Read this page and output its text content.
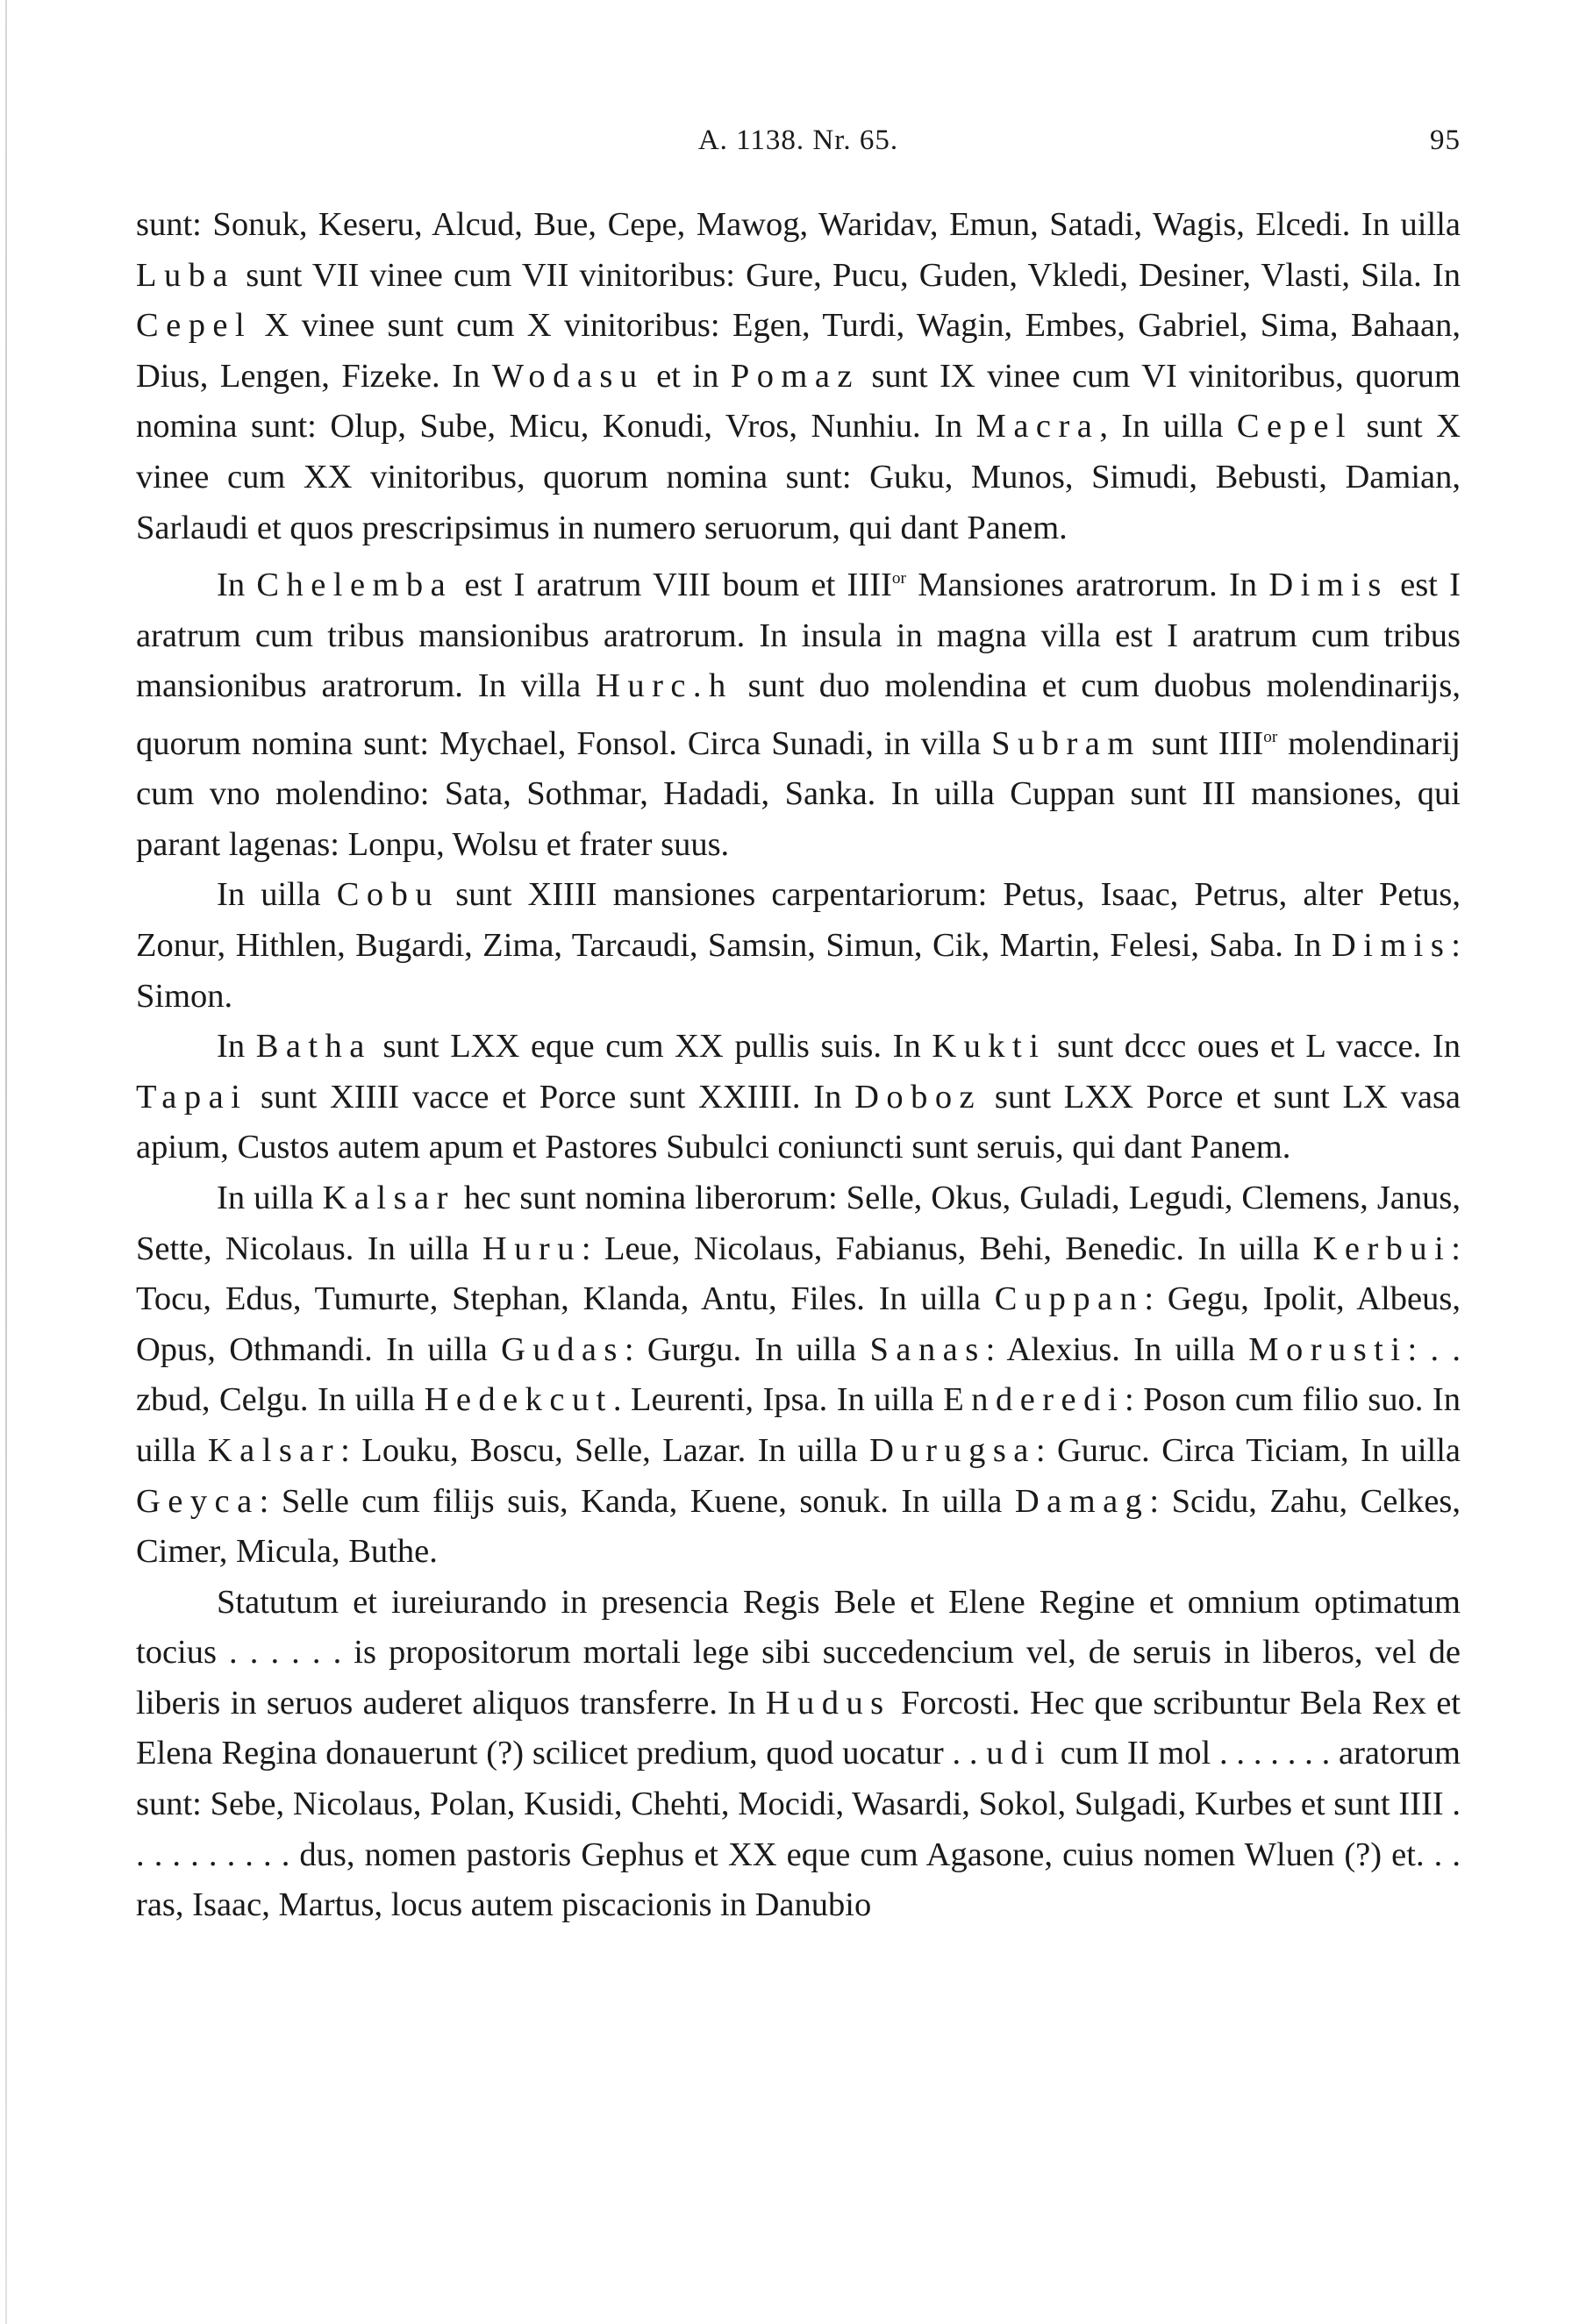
A. 1138. Nr. 65.	95

sunt: Sonuk, Keseru, Alcud, Bue, Cepe, Mawog, Waridav, Emun, Satadi, Wagis, Elcedi. In uilla Luba sunt VII vinee cum VII vinitoribus: Gure, Pucu, Guden, Vkledi, Desiner, Vlasti, Sila. In Cepel X vinee sunt cum X vinitoribus: Egen, Turdi, Wagin, Embes, Gabriel, Sima, Bahaan, Dius, Lengen, Fizeke. In Wodasu et in Pomaz sunt IX vinee cum VI vinitoribus, quorum nomina sunt: Olup, Sube, Micu, Konudi, Vros, Nunhiu. In Macra, In uilla Cepel sunt X vinee cum XX vinitoribus, quorum nomina sunt: Guku, Munos, Simudi, Bebusti, Damian, Sarlaudi et quos prescripsimus in numero seruorum, qui dant Panem.

In Chelemba est I aratrum VIII boum et $IIII^{or}$ Mansiones aratrorum. In Dimis est I aratrum cum tribus mansionibus aratrorum. In insula in magna villa est I aratrum cum tribus mansionibus aratrorum. In villa Hurc.h sunt duo molendina et cum duobus molendinarijs, quorum nomina sunt: Mychael, Fonsol. Circa Sunadi, in villa Subram sunt $IIII^{or}$ molendinarij cum vno molendino: Sata, Sothmar, Hadadi, Sanka. In uilla Cuppan sunt III mansiones, qui parant lagenas: Lonpu, Wolsu et frater suus.

In uilla Cobu sunt XIIII mansiones carpentariorum: Petus, Isaac, Petrus, alter Petus, Zonur, Hithlen, Bugardi, Zima, Tarcaudi, Samsin, Simun, Cik, Martin, Felesi, Saba. In Dimis: Simon.

In Batha sunt LXX eque cum XX pullis suis. In Kukti sunt dccc oues et L vacce. In Tapai sunt XIIII vacce et Porce sunt XXIIII. In Doboz sunt LXX Porce et sunt LX vasa apium, Custos autem apum et Pastores Subulci coniuncti sunt seruis, qui dant Panem.

In uilla Kalsar hec sunt nomina liberorum: Selle, Okus, Guladi, Legudi, Clemens, Janus, Sette, Nicolaus. In uilla Huru: Leue, Nicolaus, Fabianus, Behi, Benedic. In uilla Kerbui: Tocu, Edus, Tumurte, Stephan, Klanda, Antu, Files. In uilla Cuppan: Gegu, Ipolit, Albeus, Opus, Othmandi. In uilla Gudas: Gurgu. In uilla Sanas: Alexius. In uilla Morusti: . . zbud, Celgu. In uilla Hedekcut. Leurenti, Ipsa. In uilla Enderedi: Poson cum filio suo. In uilla Kalsar: Louku, Boscu, Selle, Lazar. In uilla Durugsa: Guruc. Circa Ticiam, In uilla Geyca: Selle cum filijs suis, Kanda, Kuene, sonuk. In uilla Damag: Scidu, Zahu, Celkes, Cimer, Micula, Buthe.

Statutum et iureiurando in presencia Regis Bele et Elene Regine et omnium optimatum tocius . . . . . . is propositorum mortali lege sibi succedencium vel, de seruis in liberos, vel de liberis in seruos auderet aliquos transferre. In Hudus Forcosti. Hec que scribuntur Bela Rex et Elena Regina donauerunt (?) scilicet predium, quod uocatur . . udi cum II mol . . . . . . . aratorum sunt: Sebe, Nicolaus, Polan, Kusidi, Chehti, Mocidi, Wasardi, Sokol, Sulgadi, Kurbes et sunt IIII . . . . . . . . . . dus, nomen pastoris Gephus et XX eque cum Agasone, cuius nomen Wluen (?) et. . . ras, Isaac, Martus, locus autem piscacionis in Danubio
